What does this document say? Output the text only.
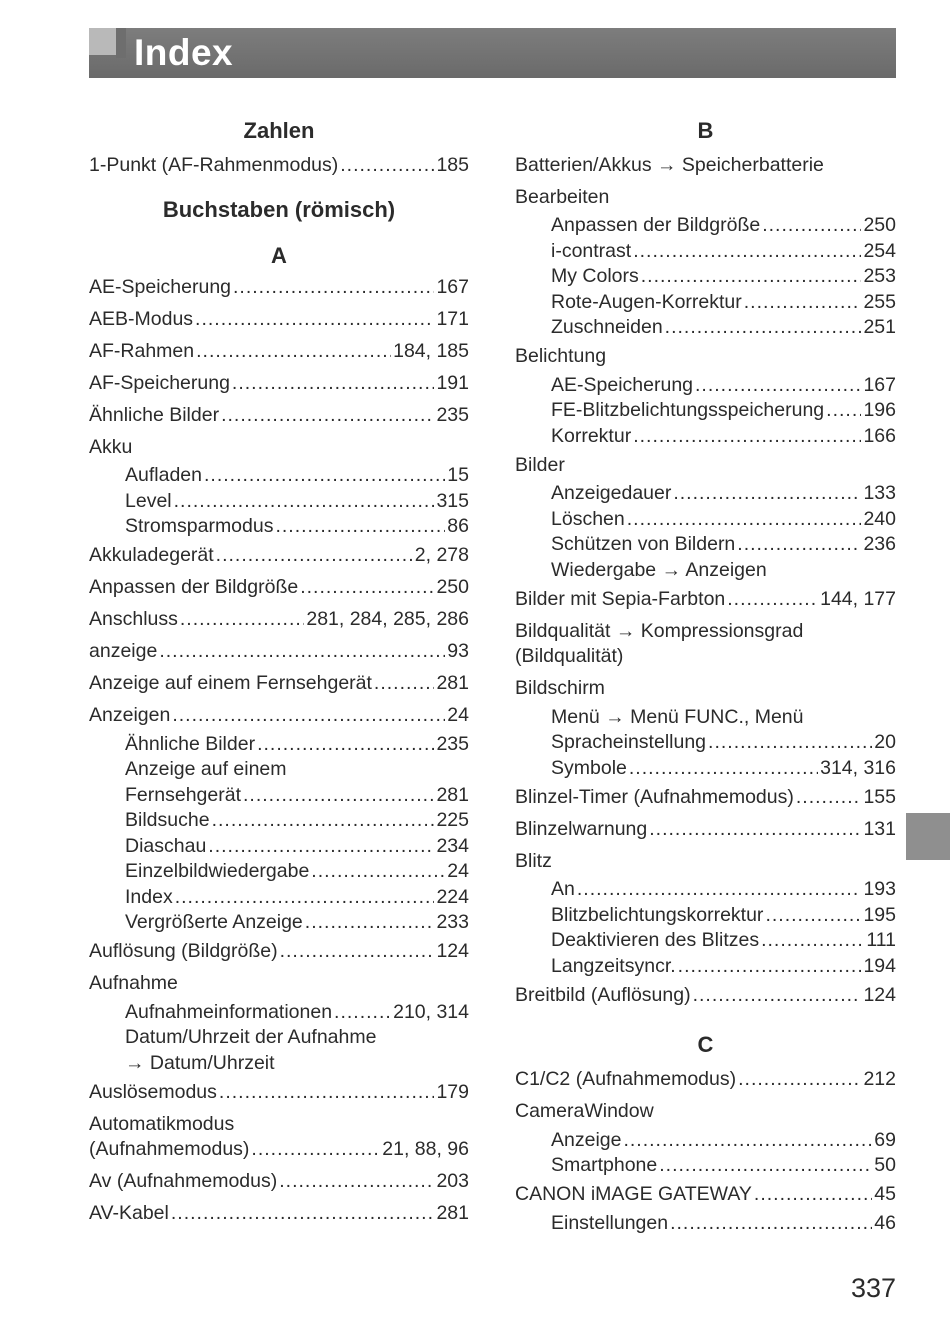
Index
Zahlen
1-Punkt (AF-Rahmenmodus) .....	185
Buchstaben (römisch)
A
AE-Speicherung .....	167
AEB-Modus .....	171
AF-Rahmen .....	184, 185
AF-Speicherung .....	191
Ähnliche Bilder .....	235
Akku
Aufladen .....	15
Level .....	315
Stromsparmodus .....	86
Akkuladegerät .....	2, 278
Anpassen der Bildgröße .....	250
Anschluss .....	281, 284, 285, 286
anzeige .....	93
Anzeige auf einem Fernsehgerät .....	281
Anzeigen .....	24
Ähnliche Bilder .....	235
Anzeige auf einem
Fernsehgerät .....	281
Bildsuche .....	225
Diaschau .....	234
Einzelbildwiedergabe .....	24
Index .....	224
Vergrößerte Anzeige .....	233
Auflösung (Bildgröße) .....	124
Aufnahme
Aufnahmeinformationen .....	210, 314
Datum/Uhrzeit der Aufnahme
→ Datum/Uhrzeit
Auslösemodus .....	179
Automatikmodus
(Aufnahmemodus) .....	21, 88, 96
Av (Aufnahmemodus) .....	203
AV-Kabel .....	281
B
Batterien/Akkus → Speicherbatterie
Bearbeiten
Anpassen der Bildgröße .....	250
i-contrast .....	254
My Colors .....	253
Rote-Augen-Korrektur .....	255
Zuschneiden .....	251
Belichtung
AE-Speicherung .....	167
FE-Blitzbelichtungsspeicherung ..... 196
Korrektur .....	166
Bilder
Anzeigedauer .....	133
Löschen .....	240
Schützen von Bildern .....	236
Wiedergabe → Anzeigen
Bilder mit Sepia-Farbton .....	144, 177
Bildqualität → Kompressionsgrad
(Bildqualität)
Bildschirm
Menü → Menü FUNC., Menü
Spracheinstellung .....	20
Symbole .....	314, 316
Blinzel-Timer (Aufnahmemodus) .....	155
Blinzelwarnung .....	131
Blitz
An .....	193
Blitzbelichtungskorrektur .....	195
Deaktivieren des Blitzes .....	111
Langzeitsyncr. .....	194
Breitbild (Auflösung) .....	124
C
C1/C2 (Aufnahmemodus) .....	212
CameraWindow
Anzeige .....	69
Smartphone .....	50
CANON iMAGE GATEWAY .....	45
Einstellungen .....	46
337
